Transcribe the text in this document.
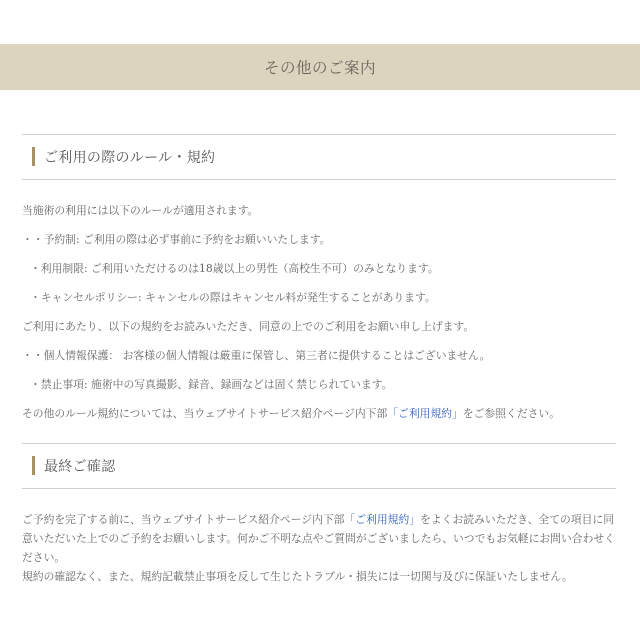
その他のご案内
ご利用の際のルール・規約
当施術の利用には以下のルールが適用されます。
・・予約制: ご利用の際は必ず事前に予約をお願いいたします。
・利用制限: ご利用いただけるのは18歳以上の男性（高校生不可）のみとなります。
・キャンセルポリシー: キャンセルの際はキャンセル料が発生することがあります。
ご利用にあたり、以下の規約をお読みいただき、同意の上でのご利用をお願い申し上げます。
・・個人情報保護： お客様の個人情報は厳重に保管し、第三者に提供することはございません。
・禁止事項: 施術中の写真撮影、録音、録画などは固く禁じられています。
その他のルール規約については、当ウェブサイトサービス紹介ページ内下部「ご利用規約」をご参照ください。
最終ご確認
ご予約を完了する前に、当ウェブサイトサービス紹介ページ内下部「ご利用規約」をよくお読みいただき、全ての項目に同意いただいた上でのご予約をお願いします。何かご不明な点やご質問がございましたら、いつでもお気軽にお問い合わせください。
規約の確認なく、また、規約記載禁止事項を反して生じたトラブル・損失には一切関与及びに保証いたしません。
